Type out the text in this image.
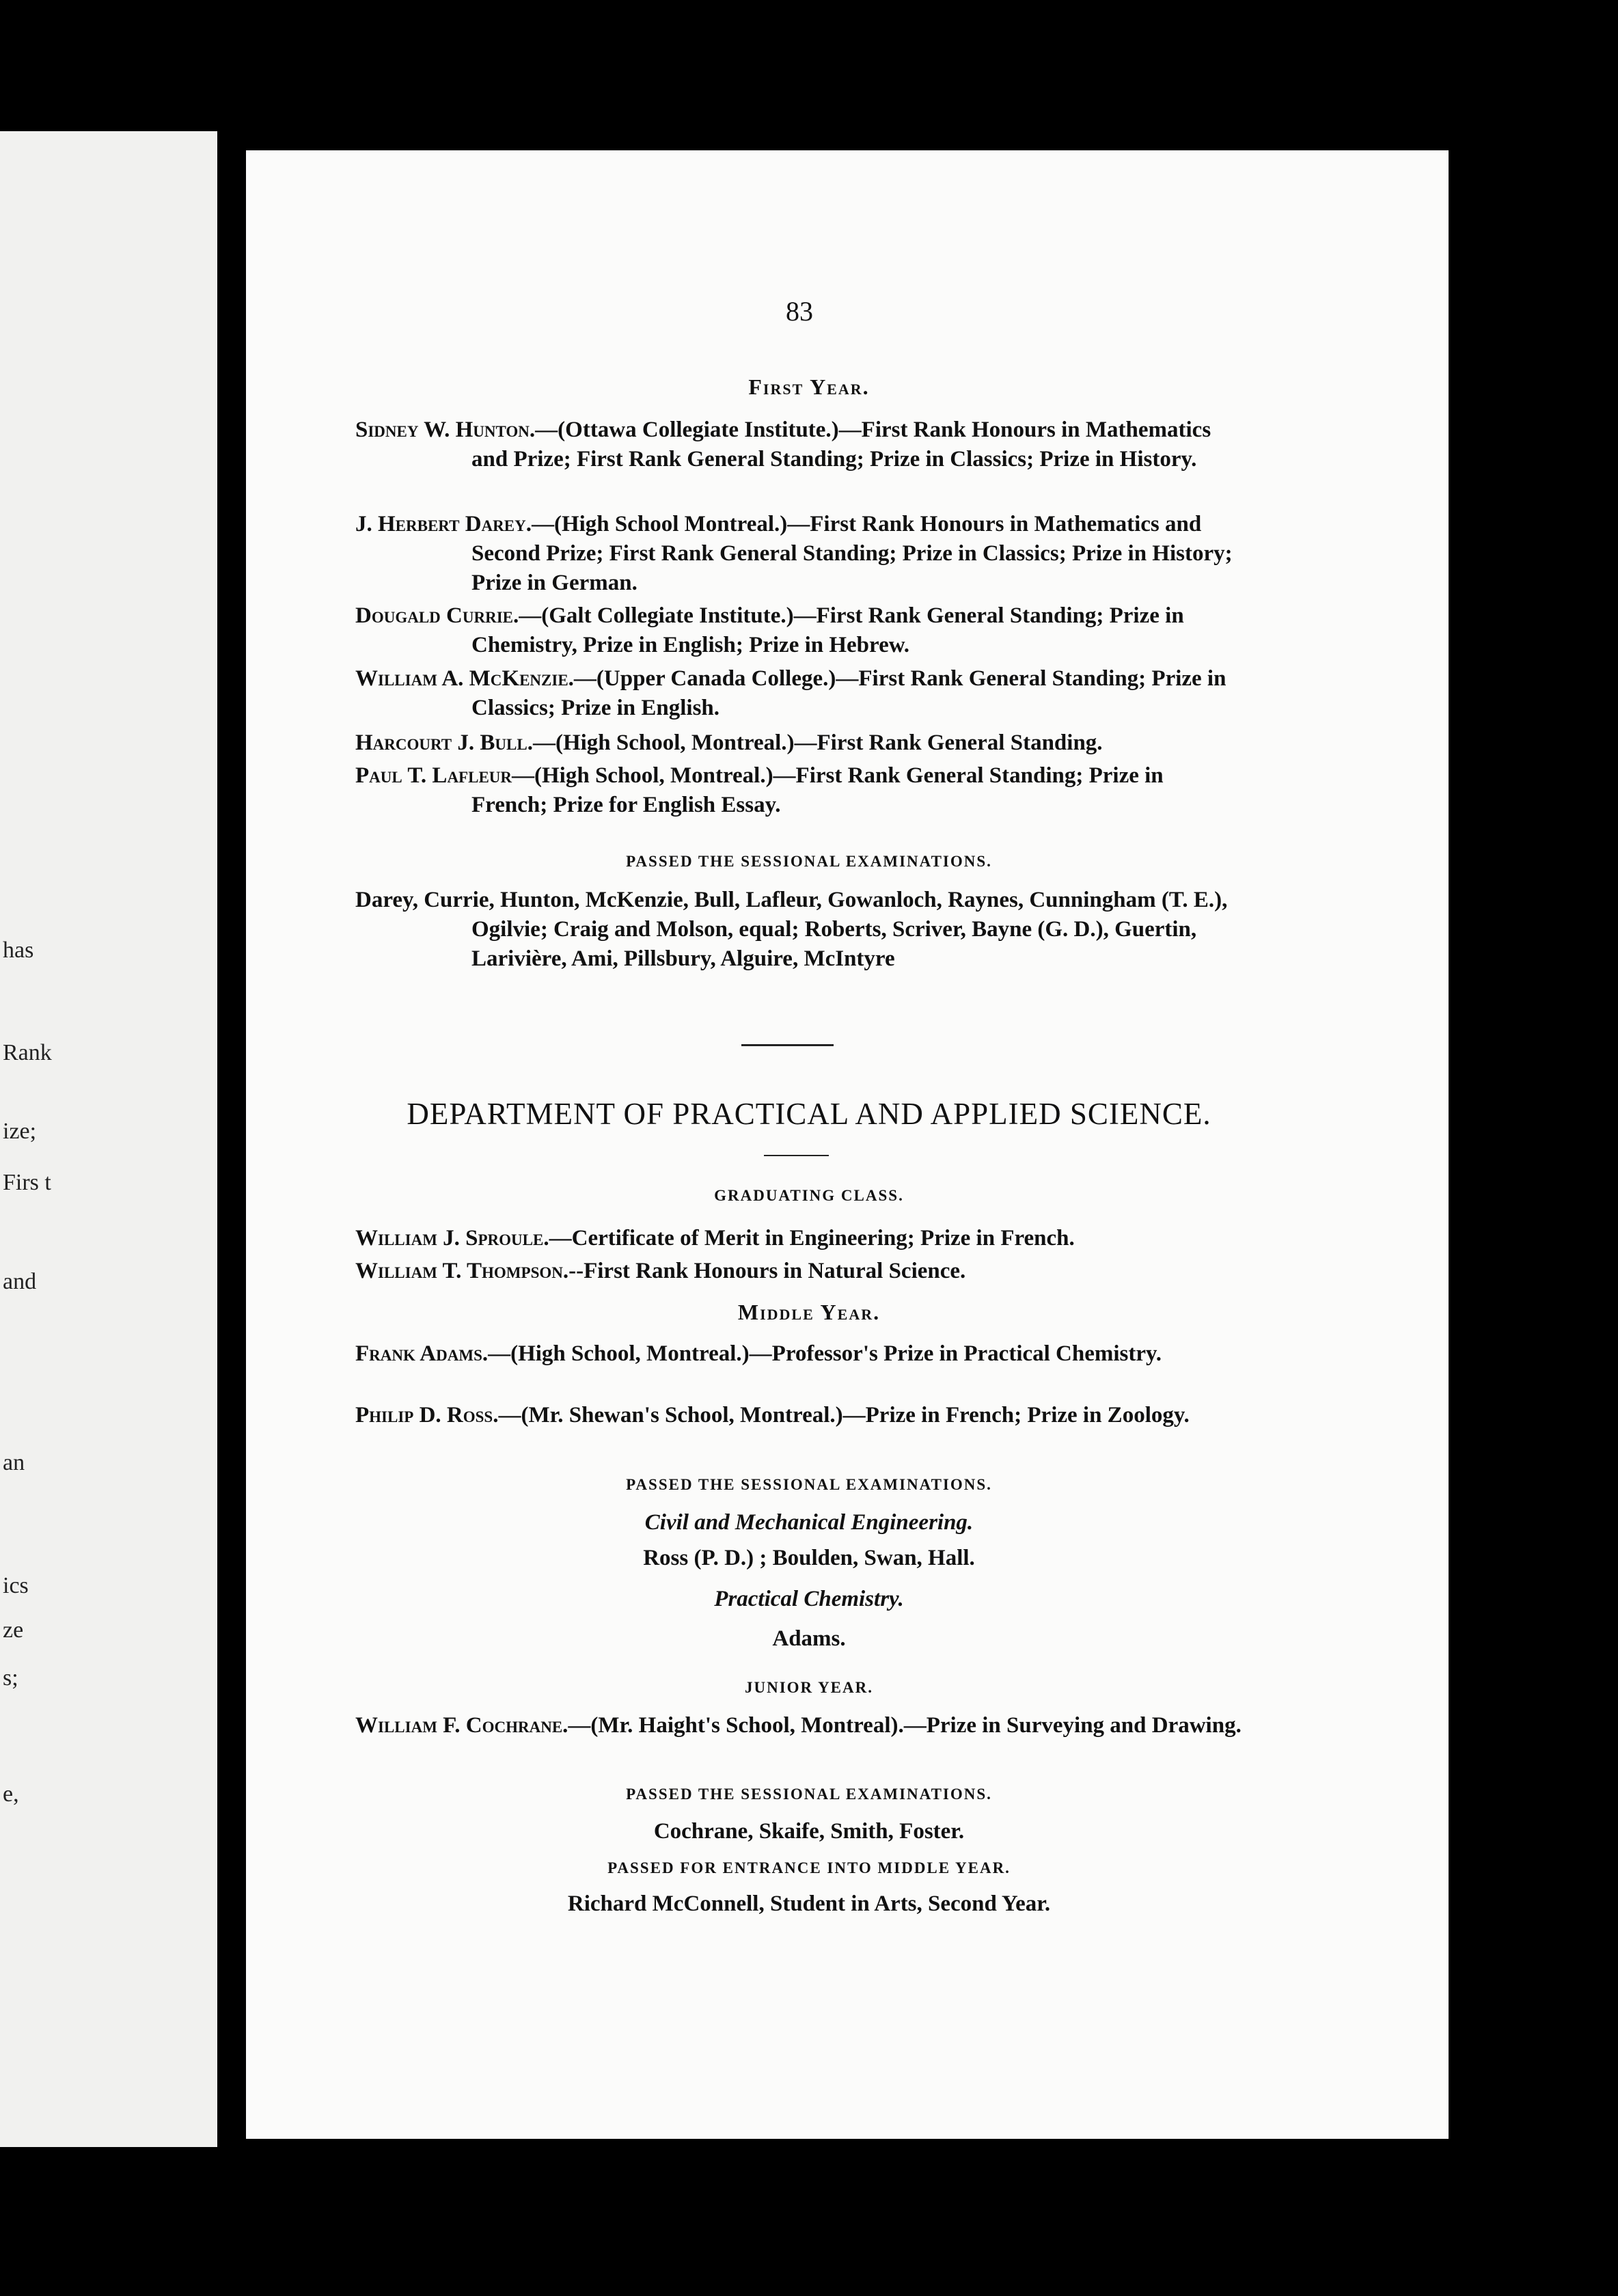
has
Rank
ize;
Firs t
and
an
ics
ze
s;
e,
83
First Year.
Sidney W. Hunton.—(Ottawa Collegiate Institute.)—First Rank Honours in Mathematics and Prize; First Rank General Standing; Prize in Classics; Prize in History.
J. Herbert Darey.—(High School Montreal.)—First Rank Honours in Mathematics and Second Prize; First Rank General Standing; Prize in Classics; Prize in History; Prize in German.
Dougald Currie.—(Galt Collegiate Institute.)—First Rank General Standing; Prize in Chemistry, Prize in English; Prize in Hebrew.
William A. McKenzie.—(Upper Canada College.)—First Rank General Standing; Prize in Classics; Prize in English.
Harcourt J. Bull.—(High School, Montreal.)—First Rank General Standing.
Paul T. Lafleur—(High School, Montreal.)—First Rank General Standing; Prize in French; Prize for English Essay.
PASSED THE SESSIONAL EXAMINATIONS.
Darey, Currie, Hunton, McKenzie, Bull, Lafleur, Gowanloch, Raynes, Cunningham (T. E.), Ogilvie; Craig and Molson, equal; Roberts, Scriver, Bayne (G. D.), Guertin, Larivière, Ami, Pillsbury, Alguire, McIntyre
DEPARTMENT OF PRACTICAL AND APPLIED SCIENCE.
GRADUATING CLASS.
William J. Sproule.—Certificate of Merit in Engineering; Prize in French.
William T. Thompson.--First Rank Honours in Natural Science.
Middle Year.
Frank Adams.—(High School, Montreal.)—Professor's Prize in Practical Chemistry.
Philip D. Ross.—(Mr. Shewan's School, Montreal.)—Prize in French; Prize in Zoology.
PASSED THE SESSIONAL EXAMINATIONS.
Civil and Mechanical Engineering.
Ross (P. D.) ; Boulden, Swan, Hall.
Practical Chemistry.
Adams.
JUNIOR YEAR.
William F. Cochrane.—(Mr. Haight's School, Montreal).—Prize in Surveying and Drawing.
PASSED THE SESSIONAL EXAMINATIONS.
Cochrane, Skaife, Smith, Foster.
PASSED FOR ENTRANCE INTO MIDDLE YEAR.
Richard McConnell, Student in Arts, Second Year.
